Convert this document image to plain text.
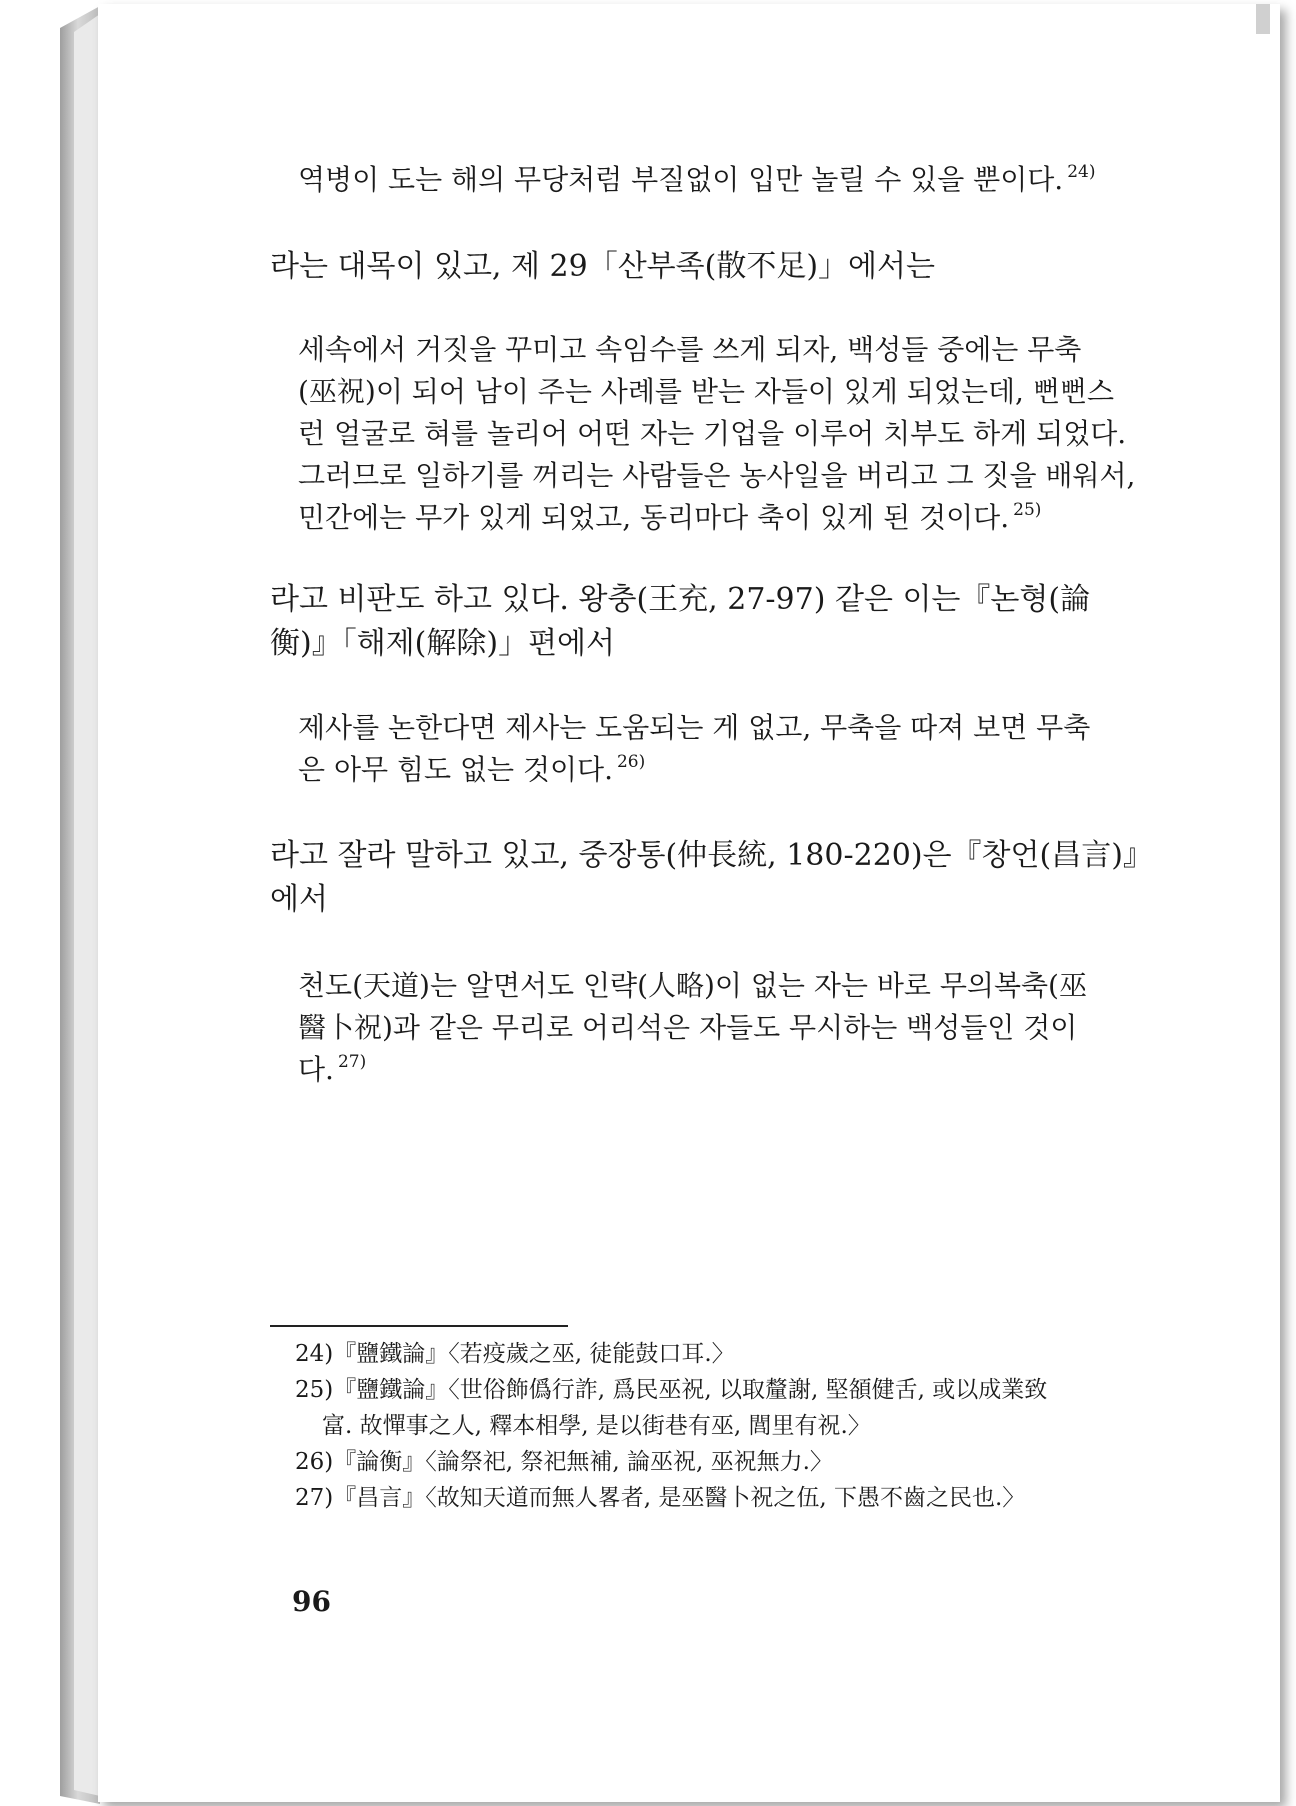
역병이 도는 해의 무당처럼 부질없이 입만 놀릴 수 있을 뿐이다. $^{24)}$
라는 대목이 있고, 제 29「산부족(散不足)」에서는
세속에서 거짓을 꾸미고 속임수를 쓰게 되자, 백성들 중에는 무축
(巫祝)이 되어 남이 주는 사례를 받는 자들이 있게 되었는데, 뻔뻔스
런 얼굴로 혀를 놀리어 어떤 자는 기업을 이루어 치부도 하게 되었다.
그러므로 일하기를 꺼리는 사람들은 농사일을 버리고 그 짓을 배워서,
민간에는 무가 있게 되었고, 동리마다 축이 있게 된 것이다. $^{25)}$
라고 비판도 하고 있다. 왕충(王充, 27-97) 같은 이는『논형(論
衡)』「해제(解除)」편에서
제사를 논한다면 제사는 도움되는 게 없고, 무축을 따져 보면 무축
은 아무 힘도 없는 것이다. $^{26)}$
라고 잘라 말하고 있고, 중장통(仲長統, 180-220)은『창언(昌言)』
에서
천도(天道)는 알면서도 인략(人略)이 없는 자는 바로 무의복축(巫
醫卜祝)과 같은 무리로 어리석은 자들도 무시하는 백성들인 것이
다. $^{27)}$
24)『鹽鐵論』〈若疫歲之巫, 徒能鼓口耳.〉
25)『鹽鐵論』〈世俗飾僞行詐, 爲民巫祝, 以取釐謝, 堅頟健舌, 或以成業致
富. 故憚事之人, 釋本相學, 是以街巷有巫, 閭里有祝.〉
26)『論衡』〈論祭祀, 祭祀無補, 論巫祝, 巫祝無力.〉
27)『昌言』〈故知天道而無人畧者, 是巫醫卜祝之伍, 下愚不齒之民也.〉
96
